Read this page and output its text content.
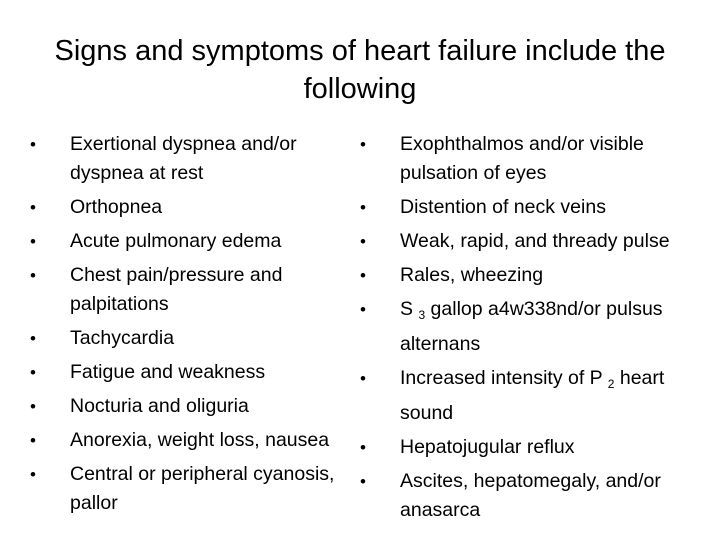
Signs and symptoms of heart failure include the
following
•	Exertional dyspnea and/or dyspnea at rest
•	Orthopnea
•	Acute pulmonary edema
•	Chest pain/pressure and palpitations
•	Tachycardia
•	Fatigue and weakness
•	Nocturia and oliguria
•	Anorexia, weight loss, nausea
•	Central or peripheral cyanosis, pallor
•	Exophthalmos and/or visible pulsation of eyes
•	Distention of neck veins
•	Weak, rapid, and thready pulse
•	Rales, wheezing
•	S $_3$ gallop a4w338nd/or pulsus alternans
•	Increased intensity of P $_2$ heart sound
•	Hepatojugular reflux
•	Ascites, hepatomegaly, and/or anasarca
